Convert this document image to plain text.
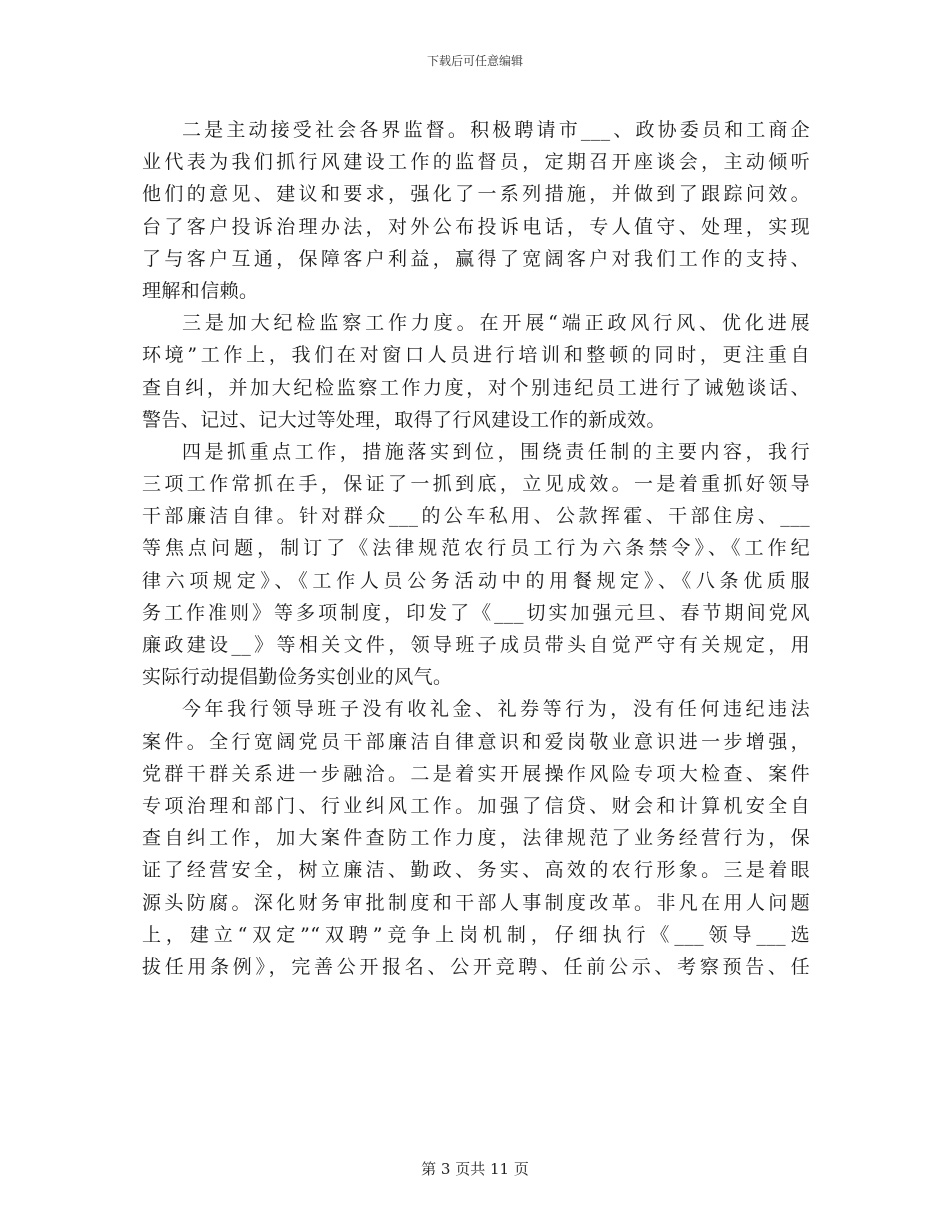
下载后可任意编辑
二是主动接受社会各界监督。积极聘请市___、政协委员和工商企
业代表为我们抓行风建设工作的监督员，定期召开座谈会，主动倾听
他们的意见、建议和要求，强化了一系列措施，并做到了跟踪问效。
台了客户投诉治理办法，对外公布投诉电话，专人值守、处理，实现
了与客户互通，保障客户利益，赢得了宽阔客户对我们工作的支持、
理解和信赖。
三是加大纪检监察工作力度。在开展“端正政风行风、优化进展
环境”工作上，我们在对窗口人员进行培训和整顿的同时，更注重自
查自纠，并加大纪检监察工作力度，对个别违纪员工进行了诫勉谈话、
警告、记过、记大过等处理，取得了行风建设工作的新成效。
四是抓重点工作，措施落实到位，围绕责任制的主要内容，我行
三项工作常抓在手，保证了一抓到底，立见成效。一是着重抓好领导
干部廉洁自律。针对群众___的公车私用、公款挥霍、干部住房、___
等焦点问题，制订了《法律规范农行员工行为六条禁令》、《工作纪
律六项规定》、《工作人员公务活动中的用餐规定》、《八条优质服
务工作准则》等多项制度，印发了《___切实加强元旦、春节期间党风
廉政建设__》等相关文件，领导班子成员带头自觉严守有关规定，用
实际行动提倡勤俭务实创业的风气。
今年我行领导班子没有收礼金、礼券等行为，没有任何违纪违法
案件。全行宽阔党员干部廉洁自律意识和爱岗敬业意识进一步增强，
党群干群关系进一步融洽。二是着实开展操作风险专项大检查、案件
专项治理和部门、行业纠风工作。加强了信贷、财会和计算机安全自
查自纠工作，加大案件查防工作力度，法律规范了业务经营行为，保
证了经营安全，树立廉洁、勤政、务实、高效的农行形象。三是着眼
源头防腐。深化财务审批制度和干部人事制度改革。非凡在用人问题
上，建立“双定”“双聘”竞争上岗机制，仔细执行《___领导___选
拔任用条例》，完善公开报名、公开竞聘、任前公示、考察预告、任
第 3 页共 11 页
